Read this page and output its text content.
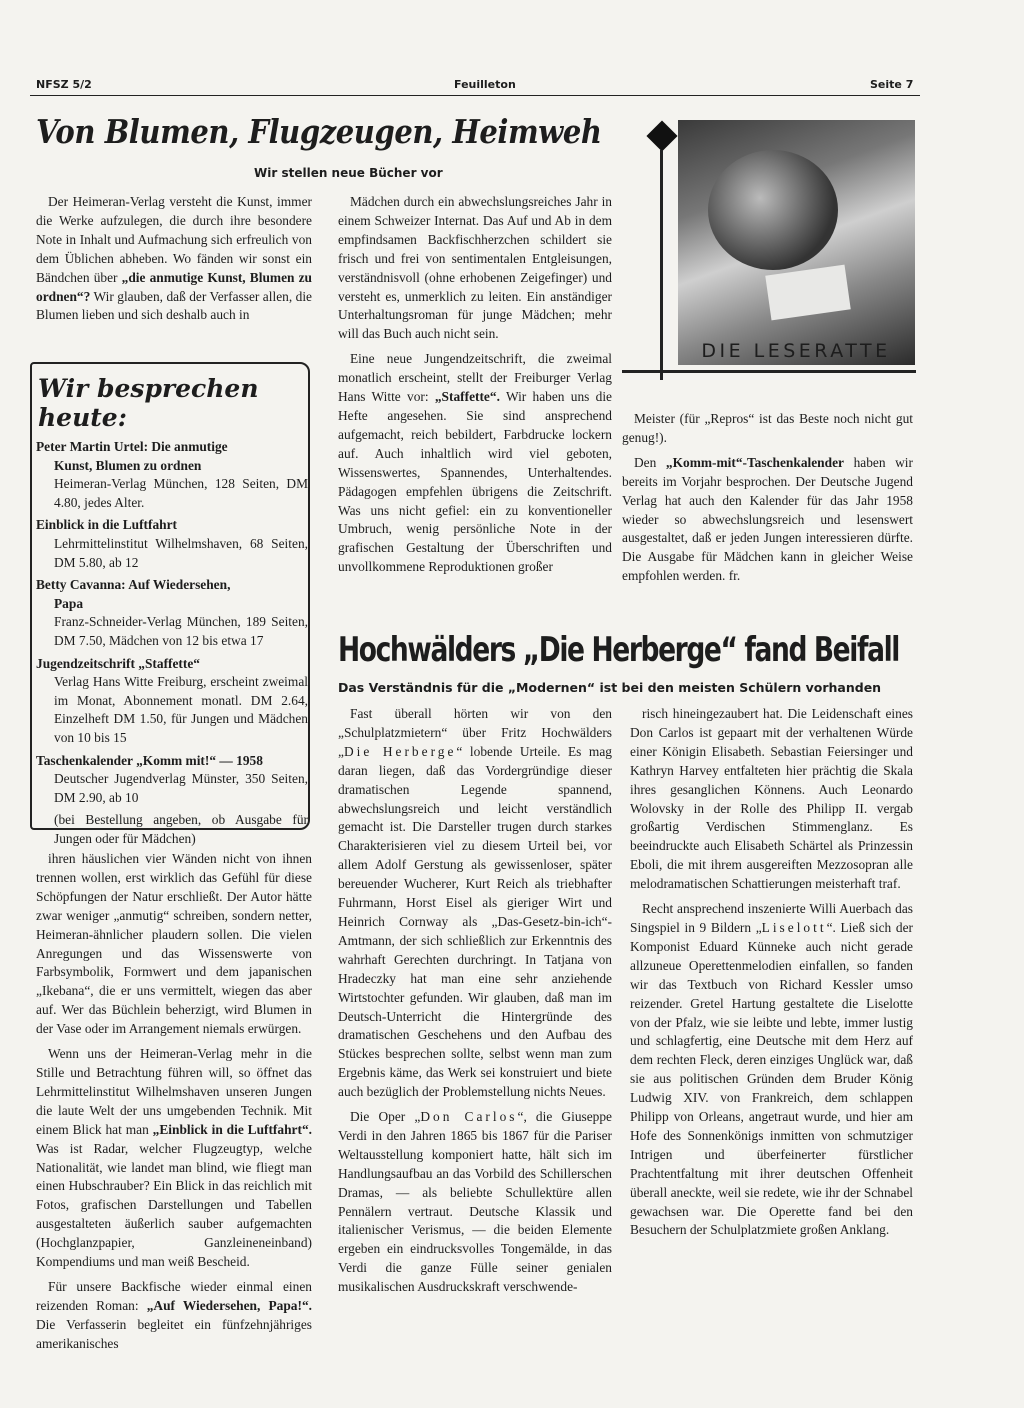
NFSZ 5/2	Feuilleton	Seite 7
Von Blumen, Flugzeugen, Heimweh
Wir stellen neue Bücher vor

Der Heimeran-Verlag versteht die Kunst, immer die Werke aufzulegen, die durch ihre besondere Note in Inhalt und Aufmachung sich erfreulich von dem Üblichen abheben. Wo fänden wir sonst ein Bändchen über „die anmutige Kunst, Blumen zu ordnen“? Wir glauben, daß der Verfasser allen, die Blumen lieben und sich deshalb auch in

Wir besprechen heute:
Peter Martin Urtel: Die anmutige
Kunst, Blumen zu ordnen
Heimeran-Verlag München, 128 Seiten, DM 4.80, jedes Alter.
Einblick in die Luftfahrt
Lehrmittelinstitut Wilhelmshaven, 68 Seiten, DM 5.80, ab 12
Betty Cavanna: Auf Wiedersehen,
Papa
Franz-Schneider-Verlag München, 189 Seiten, DM 7.50, Mädchen von 12 bis etwa 17
Jugendzeitschrift „Staffette“
Verlag Hans Witte Freiburg, erscheint zweimal im Monat, Abonnement monatl. DM 2.64, Einzelheft DM 1.50, für Jungen und Mädchen von 10 bis 15
Taschenkalender „Komm mit!“ — 1958
Deutscher Jugendverlag Münster, 350 Seiten, DM 2.90, ab 10
(bei Bestellung angeben, ob Ausgabe für Jungen oder für Mädchen)

ihren häuslichen vier Wänden nicht von ihnen trennen wollen, erst wirklich das Gefühl für diese Schöpfungen der Natur erschließt. Der Autor hätte zwar weniger „anmutig“ schreiben, sondern netter, Heimeran-ähnlicher plaudern sollen. Die vielen Anregungen und das Wissenswerte von Farbsymbolik, Formwert und dem japanischen „Ikebana“, die er uns vermittelt, wiegen das aber auf. Wer das Büchlein beherzigt, wird Blumen in der Vase oder im Arrangement niemals erwürgen.

Wenn uns der Heimeran-Verlag mehr in die Stille und Betrachtung führen will, so öffnet das Lehrmittelinstitut Wilhelmshaven unseren Jungen die laute Welt der uns umgebenden Technik. Mit einem Blick hat man „Einblick in die Luftfahrt“. Was ist Radar, welcher Flugzeugtyp, welche Nationalität, wie landet man blind, wie fliegt man einen Hubschrauber? Ein Blick in das reichlich mit Fotos, grafischen Darstellungen und Tabellen ausgestalteten äußerlich sauber aufgemachten (Hochglanzpapier, Ganzleineneinband) Kompendiums und man weiß Bescheid.

Für unsere Backfische wieder einmal einen reizenden Roman: „Auf Wiedersehen, Papa!“. Die Verfasserin begleitet ein fünfzehnjähriges amerikanisches

Mädchen durch ein abwechslungsreiches Jahr in einem Schweizer Internat. Das Auf und Ab in dem empfindsamen Backfischherzchen schildert sie frisch und frei von sentimentalen Entgleisungen, verständnisvoll (ohne erhobenen Zeigefinger) und versteht es, unmerklich zu leiten. Ein anständiger Unterhaltungsroman für junge Mädchen; mehr will das Buch auch nicht sein.

Eine neue Jungendzeitschrift, die zweimal monatlich erscheint, stellt der Freiburger Verlag Hans Witte vor: „Staffette“. Wir haben uns die Hefte angesehen. Sie sind ansprechend aufgemacht, reich bebildert, Farbdrucke lockern auf. Auch inhaltlich wird viel geboten, Wissenswertes, Spannendes, Unterhaltendes. Pädagogen empfehlen übrigens die Zeitschrift. Was uns nicht gefiel: ein zu konventioneller Umbruch, wenig persönliche Note in der grafischen Gestaltung der Überschriften und unvollkommene Reproduktionen großer

DIE LESERATTE

Meister (für „Repros“ ist das Beste noch nicht gut genug!).

Den „Komm-mit“-Taschenkalender haben wir bereits im Vorjahr besprochen. Der Deutsche Jugend Verlag hat auch den Kalender für das Jahr 1958 wieder so abwechslungsreich und lesenswert ausgestaltet, daß er jeden Jungen interessieren dürfte. Die Ausgabe für Mädchen kann in gleicher Weise empfohlen werden. fr.

Hochwälders „Die Herberge“ fand Beifall
Das Verständnis für die „Modernen“ ist bei den meisten Schülern vorhanden

Fast überall hörten wir von den „Schulplatzmietern“ über Fritz Hochwälders „Die Herberge“ lobende Urteile. Es mag daran liegen, daß das Vordergründige dieser dramatischen Legende spannend, abwechslungsreich und leicht verständlich gemacht ist. Die Darsteller trugen durch starkes Charakterisieren viel zu diesem Urteil bei, vor allem Adolf Gerstung als gewissenloser, später bereuender Wucherer, Kurt Reich als triebhafter Fuhrmann, Horst Eisel als gieriger Wirt und Heinrich Cornway als „Das-Gesetz-bin-ich“-Amtmann, der sich schließlich zur Erkenntnis des wahrhaft Gerechten durchringt. In Tatjana von Hradeczky hat man eine sehr anziehende Wirtstochter gefunden. Wir glauben, daß man im Deutsch-Unterricht die Hintergründe des dramatischen Geschehens und den Aufbau des Stückes besprechen sollte, selbst wenn man zum Ergebnis käme, das Werk sei konstruiert und biete auch bezüglich der Problemstellung nichts Neues.

Die Oper „Don Carlos“, die Giuseppe Verdi in den Jahren 1865 bis 1867 für die Pariser Weltausstellung komponiert hatte, hält sich im Handlungsaufbau an das Vorbild des Schillerschen Dramas, — als beliebte Schullektüre allen Pennälern vertraut. Deutsche Klassik und italienischer Verismus, — die beiden Elemente ergeben ein eindrucksvolles Tongemälde, in das Verdi die ganze Fülle seiner genialen musikalischen Ausdruckskraft verschwende-

risch hineingezaubert hat. Die Leidenschaft eines Don Carlos ist gepaart mit der verhaltenen Würde einer Königin Elisabeth. Sebastian Feiersinger und Kathryn Harvey entfalteten hier prächtig die Skala ihres gesanglichen Könnens. Auch Leonardo Wolovsky in der Rolle des Philipp II. vergab großartig Verdischen Stimmenglanz. Es beeindruckte auch Elisabeth Schärtel als Prinzessin Eboli, die mit ihrem ausgereiften Mezzosopran alle melodramatischen Schattierungen meisterhaft traf.

Recht ansprechend inszenierte Willi Auerbach das Singspiel in 9 Bildern „Liselott“. Ließ sich der Komponist Eduard Künneke auch nicht gerade allzuneue Operettenmelodien einfallen, so fanden wir das Textbuch von Richard Kessler umso reizender. Gretel Hartung gestaltete die Liselotte von der Pfalz, wie sie leibte und lebte, immer lustig und schlagfertig, eine Deutsche mit dem Herz auf dem rechten Fleck, deren einziges Unglück war, daß sie aus politischen Gründen dem Bruder König Ludwig XIV. von Frankreich, dem schlappen Philipp von Orleans, angetraut wurde, und hier am Hofe des Sonnenkönigs inmitten von schmutziger Intrigen und überfeinerter fürstlicher Prachtentfaltung mit ihrer deutschen Offenheit überall aneckte, weil sie redete, wie ihr der Schnabel gewachsen war. Die Operette fand bei den Besuchern der Schulplatzmiete großen Anklang.
